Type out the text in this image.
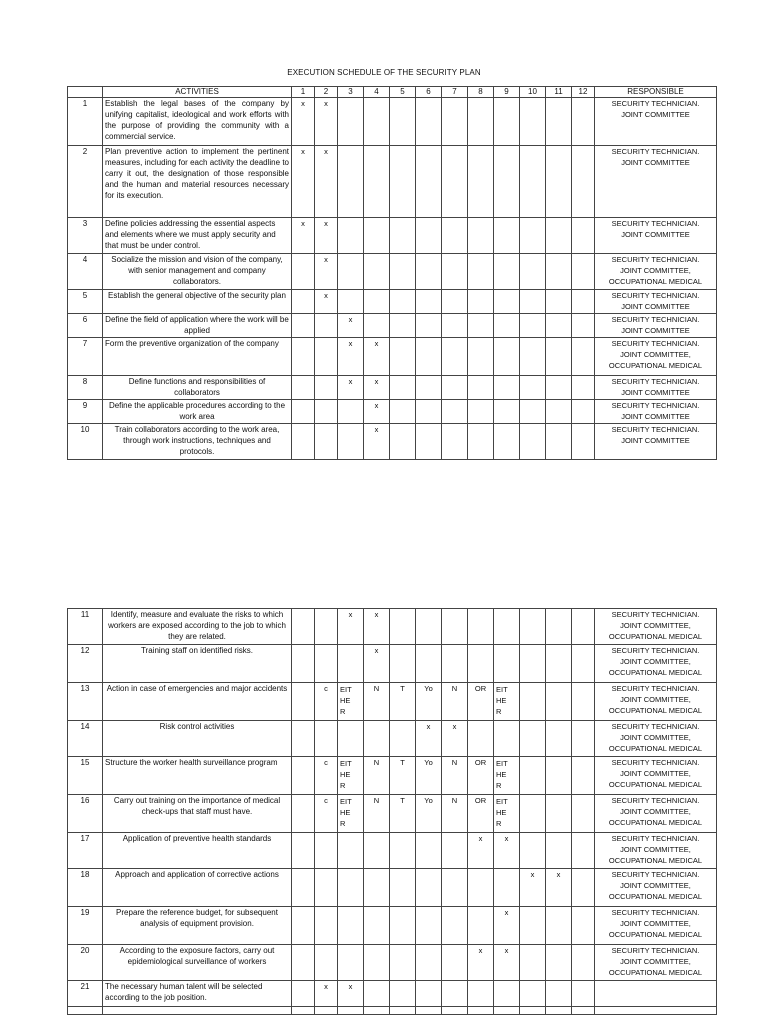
EXECUTION SCHEDULE OF THE SECURITY PLAN
	ACTIVITIES	1	2	3	4	5	6	7	8	9	10	11	12	RESPONSIBLE
1	Establish the legal bases of the company by unifying capitalist, ideological and work efforts with the purpose of providing the community with a commercial service.	x	x											SECURITY TECHNICIAN.
JOINT COMMITTEE

2	Plan preventive action to implement the pertinent measures, including for each activity the deadline to carry it out, the designation of those responsible and the human and material resources necessary for its execution.	x	x											SECURITY TECHNICIAN.
JOINT COMMITTEE

3	Define policies addressing the essential aspects and elements where we must apply security and that must be under control.	x	x											SECURITY TECHNICIAN.
JOINT COMMITTEE

4	Socialize the mission and vision of the company, with senior management and company collaborators.		x											SECURITY TECHNICIAN.
JOINT COMMITTEE,
OCCUPATIONAL MEDICAL

5	Establish the general objective of the security plan		x											SECURITY TECHNICIAN.
JOINT COMMITTEE

6	Define the field of application where the work will be applied			x										SECURITY TECHNICIAN.
JOINT COMMITTEE

7	Form the preventive organization of the company			x	x									SECURITY TECHNICIAN.
JOINT COMMITTEE,
OCCUPATIONAL MEDICAL

8	Define functions and responsibilities of collaborators			x	x									SECURITY TECHNICIAN.
JOINT COMMITTEE

9	Define the applicable procedures according to the work area				x									SECURITY TECHNICIAN.
JOINT COMMITTEE

10	Train collaborators according to the work area, through work instructions, techniques and protocols.				x									SECURITY TECHNICIAN.
JOINT COMMITTEE
11	Identify, measure and evaluate the risks to which workers are exposed according to the job to which they are related.			x	x									SECURITY TECHNICIAN.
JOINT COMMITTEE,
OCCUPATIONAL MEDICAL

12	Training staff on identified risks.				x									SECURITY TECHNICIAN.
JOINT COMMITTEE,
OCCUPATIONAL MEDICAL

13	Action in case of emergencies and major accidents		c	EIT HE R	N	T	Yo	N	OR	EIT HE R				SECURITY TECHNICIAN.
JOINT COMMITTEE,
OCCUPATIONAL MEDICAL

14	Risk control activities						x	x						SECURITY TECHNICIAN.
JOINT COMMITTEE,
OCCUPATIONAL MEDICAL

15	Structure the worker health surveillance program		c	EIT HE R	N	T	Yo	N	OR	EIT HE R				SECURITY TECHNICIAN.
JOINT COMMITTEE,
OCCUPATIONAL MEDICAL

16	Carry out training on the importance of medical check-ups that staff must have.		c	EIT HE R	N	T	Yo	N	OR	EIT HE R				SECURITY TECHNICIAN.
JOINT COMMITTEE,
OCCUPATIONAL MEDICAL

17	Application of preventive health standards								x	x				SECURITY TECHNICIAN.
JOINT COMMITTEE,
OCCUPATIONAL MEDICAL

18	Approach and application of corrective actions										x	x		SECURITY TECHNICIAN.
JOINT COMMITTEE,
OCCUPATIONAL MEDICAL

19	Prepare the reference budget, for subsequent analysis of equipment provision.									x				SECURITY TECHNICIAN.
JOINT COMMITTEE,
OCCUPATIONAL MEDICAL

20	According to the exposure factors, carry out epidemiological surveillance of workers								x	x				SECURITY TECHNICIAN.
JOINT COMMITTEE,
OCCUPATIONAL MEDICAL

21	The necessary human talent will be selected according to the job position.		x	x										
